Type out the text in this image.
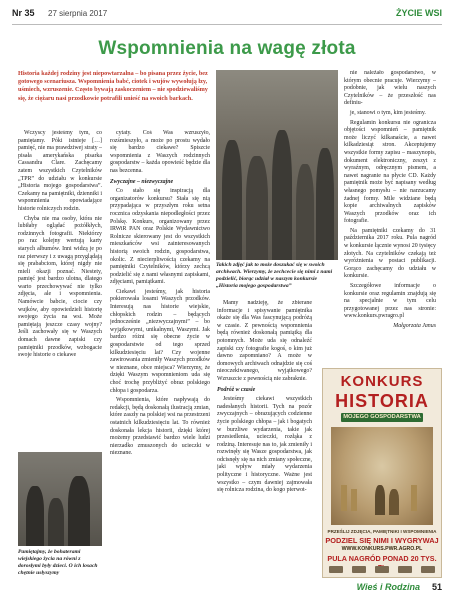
Nr 35 27 sierpnia 2017	ŻYCIE WSI
Wspomnienia na wagę złota
Historia każdej rodziny jest niepowtarzalna – bo pisana przez życie, bez gotowego scenariusza. Wspomnienia babć, ciotek i wujów wywołują łzy, uśmiech, wzruszenie. Często bywają zaskoczeniem – nie spodziewaliśmy się, że ciężaru nasi przodkowie potrafili unieść na swoich barkach.

Wczyscy jesteśmy tym, co pamiętamy. Póki istnieje […] pamięć, nie ma prawdziwej straty – pisała amerykańska pisarka Cassandra Clare. Zachęcamy zatem wszystkich Czytelników „TPR” do udziału w konkursie „Historia mojego gospodarstwa”. Czekamy na pamiętniki, dzienniki i wspomnienia opowiadające historie rolniczych rodzin.

Chyba nie ma osoby, która nie lubiłaby oglądać pożółkłych, rodzinnych fotografii. Niektórzy po raz kolejny wertują karty starych albumów. Inni widzą je po raz pierwszy i z uwagą przyglądają się prababciom, której nigdy nie mieli okazji poznać. Niestety, pamięć jest bardzo ulotna, dlatego warto przechowywać nie tylko zdjęcia, ale i wspomnienia. Namówcie babcie, ciocie czy wujków, aby opowiedzieli historię swojego życia na wsi. Może pamiętają jeszcze czasy wojny? Jeśli zachowały się w Waszych domach dawne zapiski czy pamiętniki przodków, wzbogacie swoje historie o ciekawe

Pamiętajmy, że bohaterami wiejskiego życia na równi z dorosłymi były dzieci. O ich losach chętnie usłyszymy

cytaty. Coś Was wzruszyło, rozśmieszyło, a może po prostu wydało się bardzo ciekawe? Spiszcie wspomnienia z Waszych rodzinnych gospodarstw – każda opowieść będzie dla nas bezcenna.

Zwyczajne – niezwyczajne

Co stało się inspiracją dla organizatorów konkursu? Stała się nią przypadająca w przyszłym roku setna rocznica odzyskania niepodległości przez Polskę. Konkurs, organizowany przez IRWiR PAN oraz Polskie Wydawnictwo Rolnicze skierowany jest do wszystkich mieszkańców wsi zainteresowanych historią swoich rodzin, gospodarstwa, okolic. Z niecierpliwością czekamy na pamiętniki Czytelników, którzy zechcą podzielić się z nami własnymi zapiskami, zdjęciami, pamiątkami.

Ciekawi jesteśmy, jak historia pokierowała losami Waszych przodków. Interesują nas historie wiejskie, chłopskich rodzin – będących jednocześnie „niezwyczajnymi” – bo wyjątkowymi, unikalnymi, Waszymi. Jak bardzo różni się obecne życie w gospodarstwie od tego sprzed kilkudziesięciu lat? Czy wojenne zawirowania zmieniły Waszych przodków w nieznane, obce miejsca? Wierzymy, że dzięki Waszym wspomnieniom uda się choć trochę przybliżyć obraz polskiego chłopa i gospodarza.

Wspomnienia, które napływają do redakcji, będą doskonałą ilustracją zmian, które zaszły na polskiej wsi na przestrzeni ostatnich kilkudziesięciu lat. To również doskonała lekcja historii, dzięki której możemy przedstawić bardzo wiele ludzi nierzadko zmuszonych do ucieczki w nieznane.

Takich zdjęć jak to może doszukać się w swoich archiwach. Wierzymy, że zechcecie się nimi z nami podzielić, biorąc udział w naszym konkursie „Historia mojego gospodarstwa”

Mamy nadzieję, że zbierane informacje i spisywanie pamiętnika okaże się dla Was fascynującą podróżą w czasie. Z pewnością wspomnienia będą również doskonałą pamiątką dla potomnych. Może uda się odnaleźć zapiski czy fotografie kogoś, o kim już dawno zapomniano? A może w domowych archiwach odnajdzie się coś nieoczekiwanego, wyjątkowego? Wzruszcie z pewnością nie zabraknie.

Podróż w czasie

Jesteśmy ciekawi wszystkich nadesłanych historii. Tych na pozór zwyczajnych – obrazujących codzienne życie polskiego chłopa – jak i bogatych w burzliwe wydarzenia, takie jak przesiedlenia, ucieczki, rozłąka z rodziną. Interesuje nas to, jak zmieniły i rozwinęły się Wasze gospodarstwa, jak odcisnęły się na nich zmiany społeczne, jaki wpływ miały wydarzenia polityczne i historyczne. Ważne jest wszystko – czym dawniej zajmowała się rolnicza rodzina, do kogo pierwot-

nie należało gospodarstwo, w którym obecnie pracuje. Wierzymy – podobnie, jak wielu naszych Czytelników – że przeszłość nas definiu-

je, stanowi o tym, kim jesteśmy.

Regulamin konkursu nie ogranicza objętości wspomnień – pamiętnik może liczyć kilkanaście, a nawet kilkadziesiąt stron. Akceptujemy wszystkie formy zapisu – maszynopis, dokument elektroniczny, zeszyt z wyraźnym, odręcznym pismem, a nawet nagranie na płycie CD. Każdy pamiętnik może być napisany według własnego pomysłu – nie narzucamy żadnej formy. Mile widziane będą kopie archiwalnych zapisków Waszych przodków oraz ich fotografie.

Na pamiętniki czekamy do 31 października 2017 roku. Pula nagród w konkursie łącznie wynosi 20 tysięcy złotych. Na czytelników czekają też wyróżnienia w postaci publikacji. Gorąco zachęcamy do udziału w konkursie.

Szczegółowe informacje o konkursie oraz regulamin znajdują się na specjalnie w tym celu przygotowanej przez nas stronie: www.konkurs.pwragro.pl

Małgorzata Janus

KONKURS
HISTORIA
MOJEGO GOSPODARSTWA
PRZEŚLIJ ZDJĘCIA, PAMIĘTNIKI I WSPOMNIENIA
PODZIEL SIĘ NIMI I WYGRYWAJ
WWW.KONKURS.PWR.AGRO.PL
PULA NAGRÓD PONAD 20 TYS.
Wieś i Rodzina 51
